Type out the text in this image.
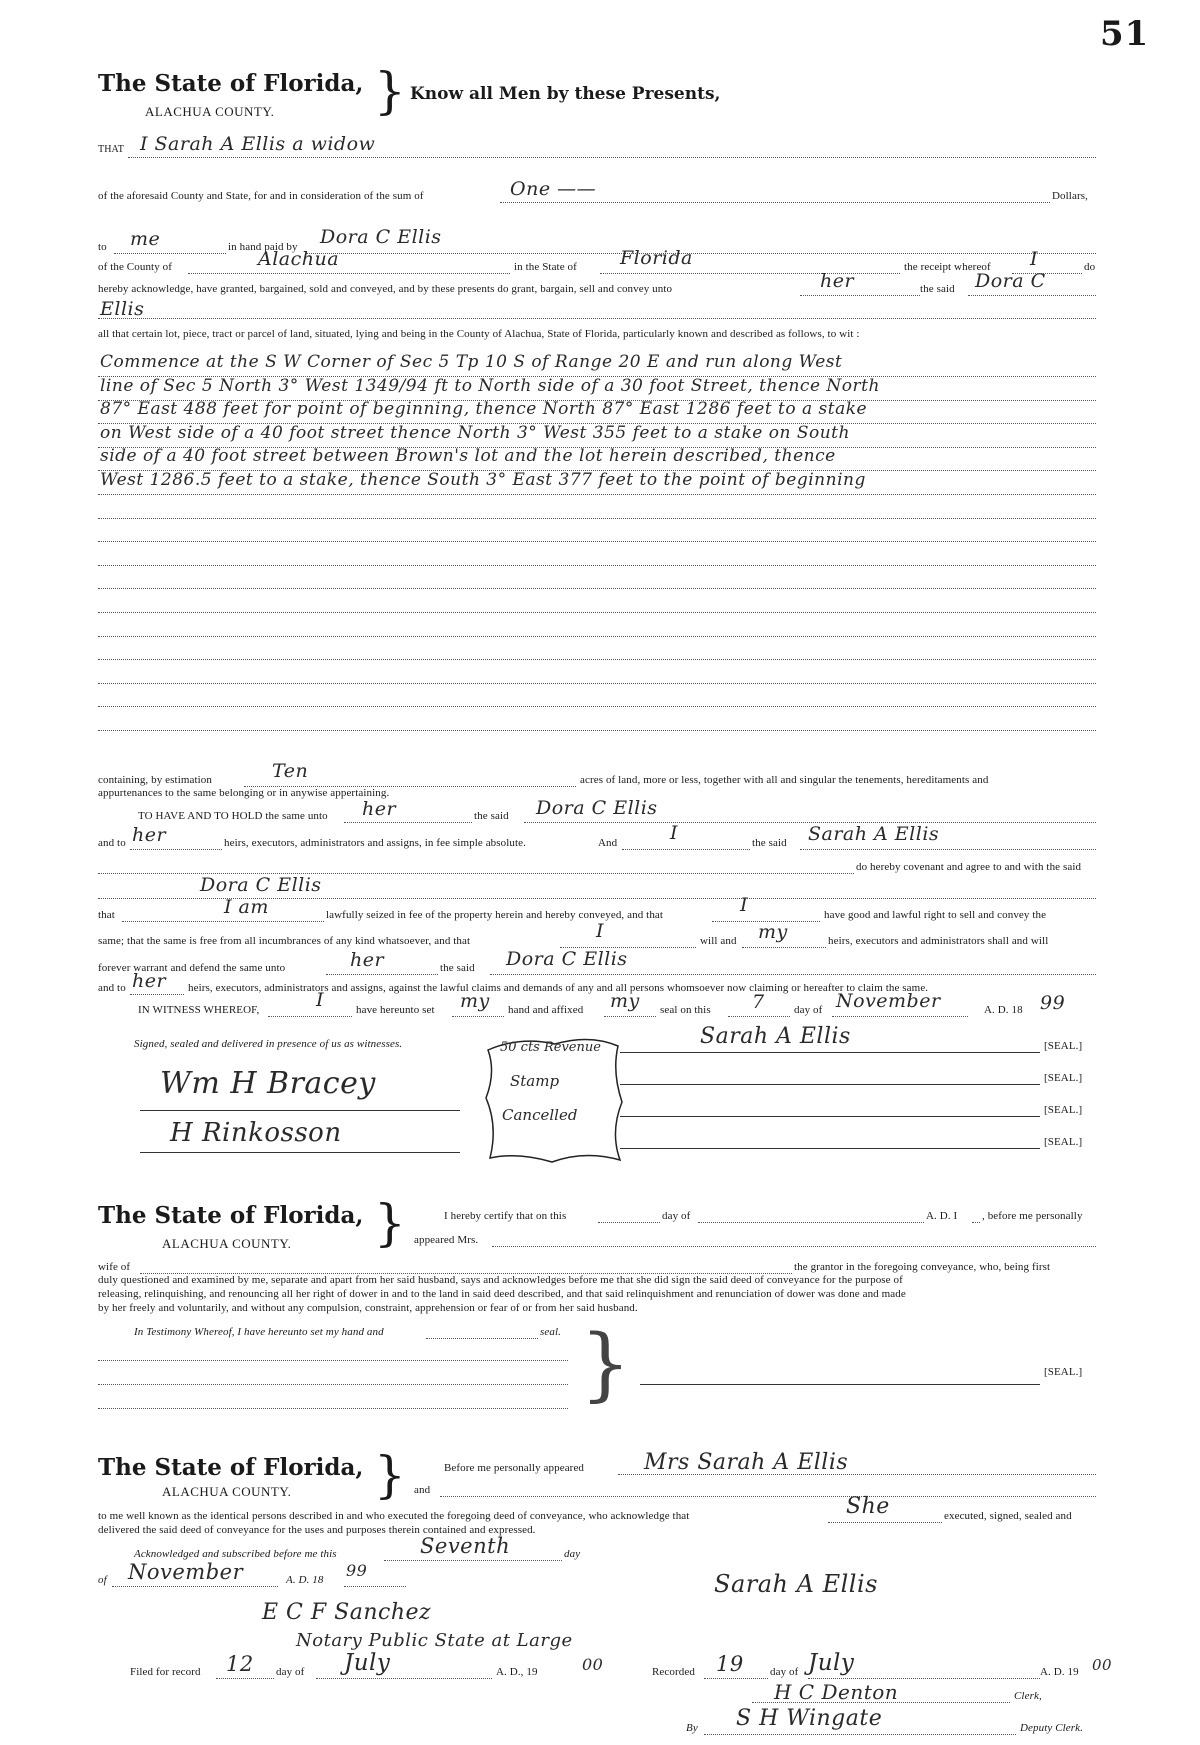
51
The State of Florida,
ALACHUA COUNTY. } Know all Men by these Presents,
THAT I Sarah A Ellis a widow
of the aforesaid County and State, for and in consideration of the sum of	One ——	Dollars,
to me	in hand paid by Dora C Ellis
of the County of	Alachua	in the State of Florida	the receipt whereof I	do
hereby acknowledge, have granted, bargained, sold and conveyed, and by these presents do grant, bargain, sell and convey unto	her	the said Dora C
Ellis
all that certain lot, piece, tract or parcel of land, situated, lying and being in the County of Alachua, State of Florida, particularly known and described as follows, to wit :
Commence at the S W Corner of Sec 5 Tp 10 S of Range 20 E and run along West
line of Sec 5 North 3° West 1349/94 ft to North side of a 30 foot Street, thence North
87° East 488 feet for point of beginning, thence North 87° East 1286 feet to a stake
on West side of a 40 foot street thence North 3° West 355 feet to a stake on South
side of a 40 foot street between Brown's lot and the lot herein described, thence
West 1286.5 feet to a stake, thence South 3° East 377 feet to the point of beginning
containing, by estimation	Ten	acres of land, more or less, together with all and singular the tenements, hereditaments and
appurtenances to the same belonging or in anywise appertaining.
TO HAVE AND TO HOLD the same unto her	the said Dora C Ellis
and to her	heirs, executors, administrators and assigns, in fee simple absolute.	And	I	the said Sarah A Ellis
do hereby covenant and agree to and with the said
Dora C Ellis
that	I am	lawfully seized in fee of the property herein and hereby conveyed, and that	I	have good and lawful right to sell and convey the
same; that the same is free from all incumbrances of any kind whatsoever, and that	I	will and my	heirs, executors and administrators shall and will
forever warrant and defend the same unto	her	the said Dora C Ellis
and to her heirs, executors, administrators and assigns, against the lawful claims and demands of any and all persons whomsoever now claiming or hereafter to claim the same.
IN WITNESS WHEREOF,	I	have hereunto set my hand and affixed my seal on this 7	day of November	A. D. 18 99
Signed, sealed and delivered in presence of us as witnesses.	Sarah A Ellis	[SEAL.]
[SEAL.]
[SEAL.]
[SEAL.]
Wm H Bracey
H Rinkosson
50 cts Revenue
Stamp
Cancelled
The State of Florida,
ALACHUA COUNTY. }	I hereby certify that on this	day of	A. D. I , before me personally
appeared Mrs.
wife of	the grantor in the foregoing conveyance, who, being first
duly questioned and examined by me, separate and apart from her said husband, says and acknowledges before me that she did sign the said deed of conveyance for the purpose of
releasing, relinquishing, and renouncing all her right of dower in and to the land in said deed described, and that said relinquishment and renunciation of dower was done and made
by her freely and voluntarily, and without any compulsion, constraint, apprehension or fear of or from her said husband.
In Testimony Whereof, I have hereunto set my hand and	seal. }	[SEAL.]
The State of Florida,
ALACHUA COUNTY. }	Before me personally appeared	Mrs Sarah A Ellis
and
to me well known as the identical persons described in and who executed the foregoing deed of conveyance, who acknowledge that	She	executed, signed, sealed and
delivered the said deed of conveyance for the uses and purposes therein contained and expressed.
Acknowledged and subscribed before me this	Seventh	day
of November	A. D. 18 99	Sarah A Ellis
E C F Sanchez
Notary Public State at Large
Filed for record 12 day of July	A. D., 19	00	Recorded 19 day of July	A. D. 19 00
H C Denton	Clerk,
By S H Wingate	Deputy Clerk.
